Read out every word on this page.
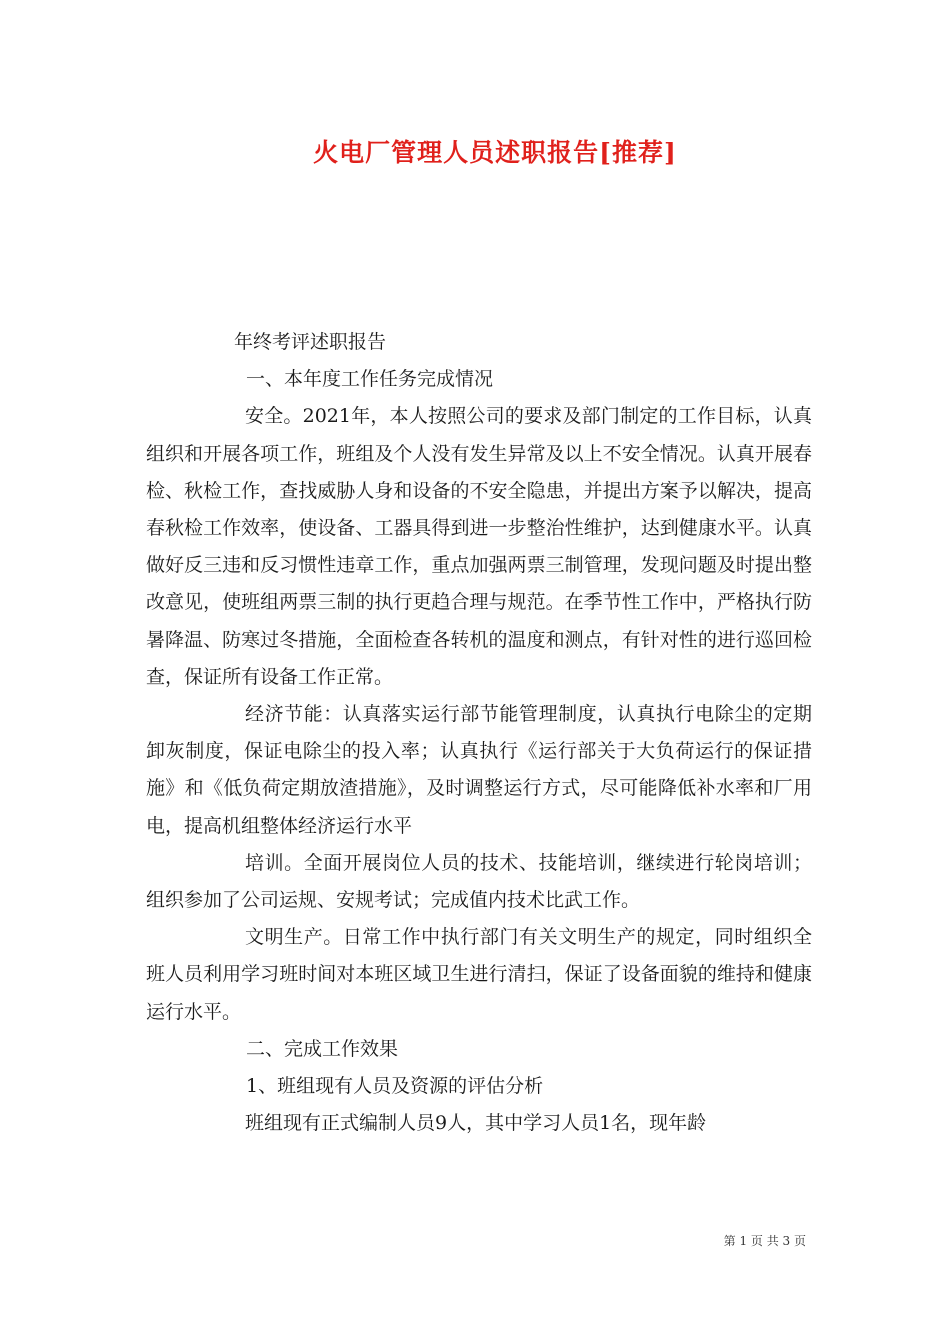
火电厂管理人员述职报告[推荐]

年终考评述职报告

一、本年度工作任务完成情况

安全。2021年，本人按照公司的要求及部门制定的工作目标，认真组织和开展各项工作，班组及个人没有发生异常及以上不安全情况。认真开展春检、秋检工作，查找威胁人身和设备的不安全隐患，并提出方案予以解决，提高春秋检工作效率，使设备、工器具得到进一步整治性维护，达到健康水平。认真做好反三违和反习惯性违章工作，重点加强两票三制管理，发现问题及时提出整改意见，使班组两票三制的执行更趋合理与规范。在季节性工作中，严格执行防暑降温、防寒过冬措施，全面检查各转机的温度和测点，有针对性的进行巡回检查，保证所有设备工作正常。

经济节能：认真落实运行部节能管理制度，认真执行电除尘的定期卸灰制度，保证电除尘的投入率；认真执行《运行部关于大负荷运行的保证措施》和《低负荷定期放渣措施》，及时调整运行方式，尽可能降低补水率和厂用电，提高机组整体经济运行水平

培训。全面开展岗位人员的技术、技能培训，继续进行轮岗培训；组织参加了公司运规、安规考试；完成值内技术比武工作。

文明生产。日常工作中执行部门有关文明生产的规定，同时组织全班人员利用学习班时间对本班区域卫生进行清扫，保证了设备面貌的维持和健康运行水平。

二、完成工作效果

1、班组现有人员及资源的评估分析

班组现有正式编制人员9人，其中学习人员1名，现年龄

第 1 页 共 3 页
